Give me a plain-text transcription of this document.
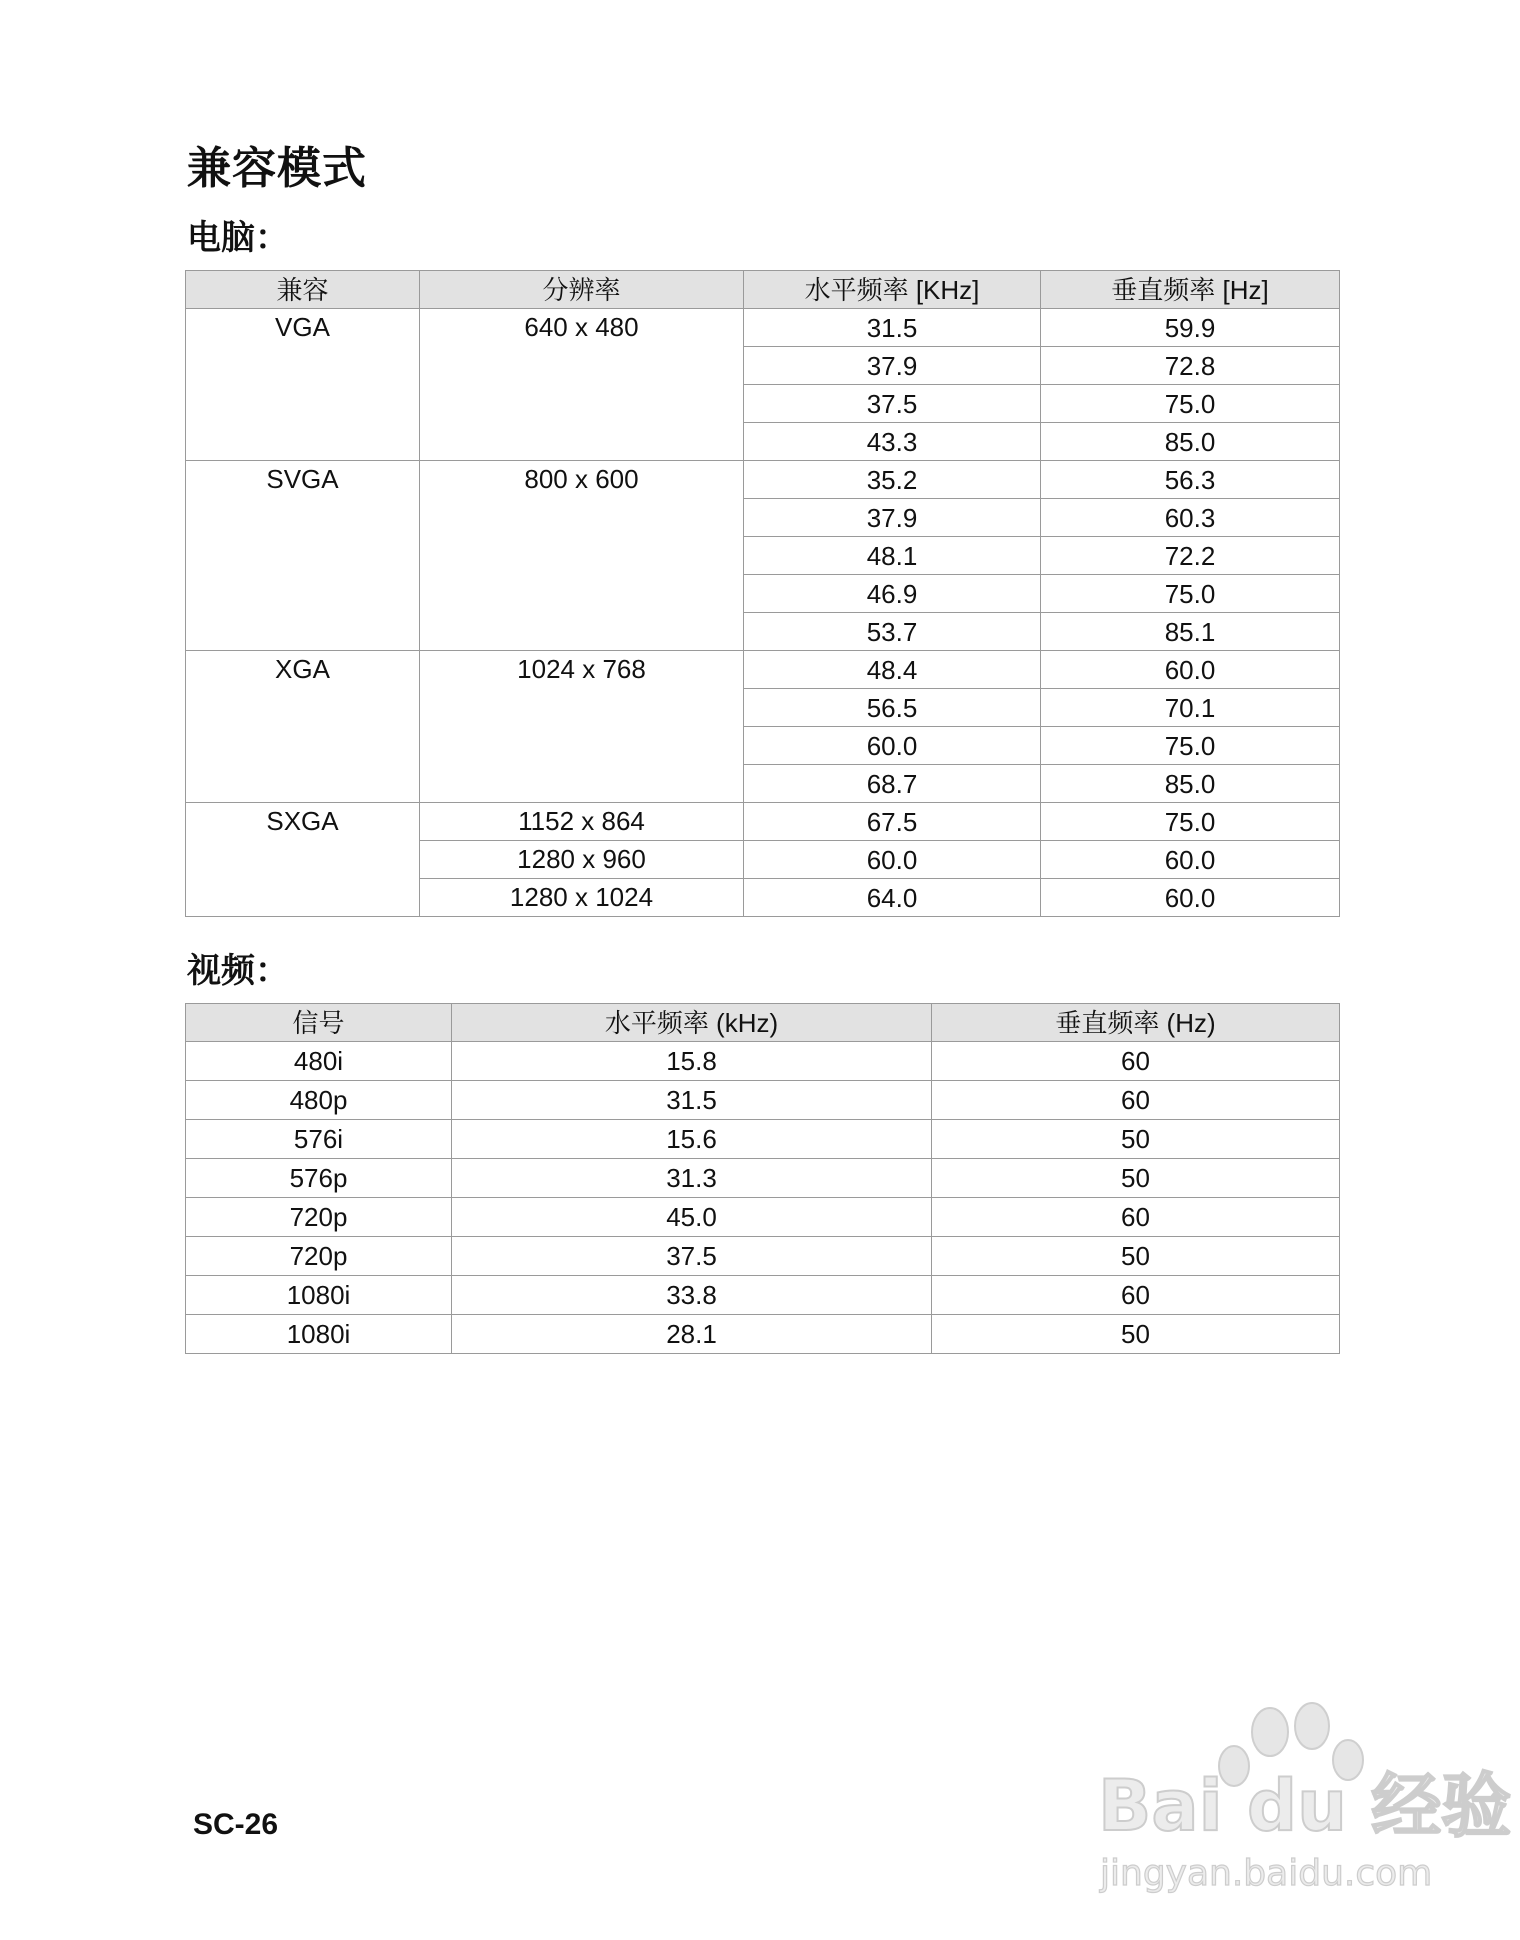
兼容模式
电脑：
兼容	分辨率	水平频率 [KHz]	垂直频率 [Hz]
VGA	640 x 480	31.5	59.9
		37.9	72.8
		37.5	75.0
		43.3	85.0
SVGA	800 x 600	35.2	56.3
		37.9	60.3
		48.1	72.2
		46.9	75.0
		53.7	85.1
XGA	1024 x 768	48.4	60.0
		56.5	70.1
		60.0	75.0
		68.7	85.0
SXGA	1152 x 864	67.5	75.0
	1280 x 960	60.0	60.0
	1280 x 1024	64.0	60.0
视频：
信号	水平频率 (kHz)	垂直频率 (Hz)
480i	15.8	60
480p	31.5	60
576i	15.6	50
576p	31.3	50
720p	45.0	60
720p	37.5	50
1080i	33.8	60
1080i	28.1	50
SC-26	Bai du 经验
jingyan.baidu.com
